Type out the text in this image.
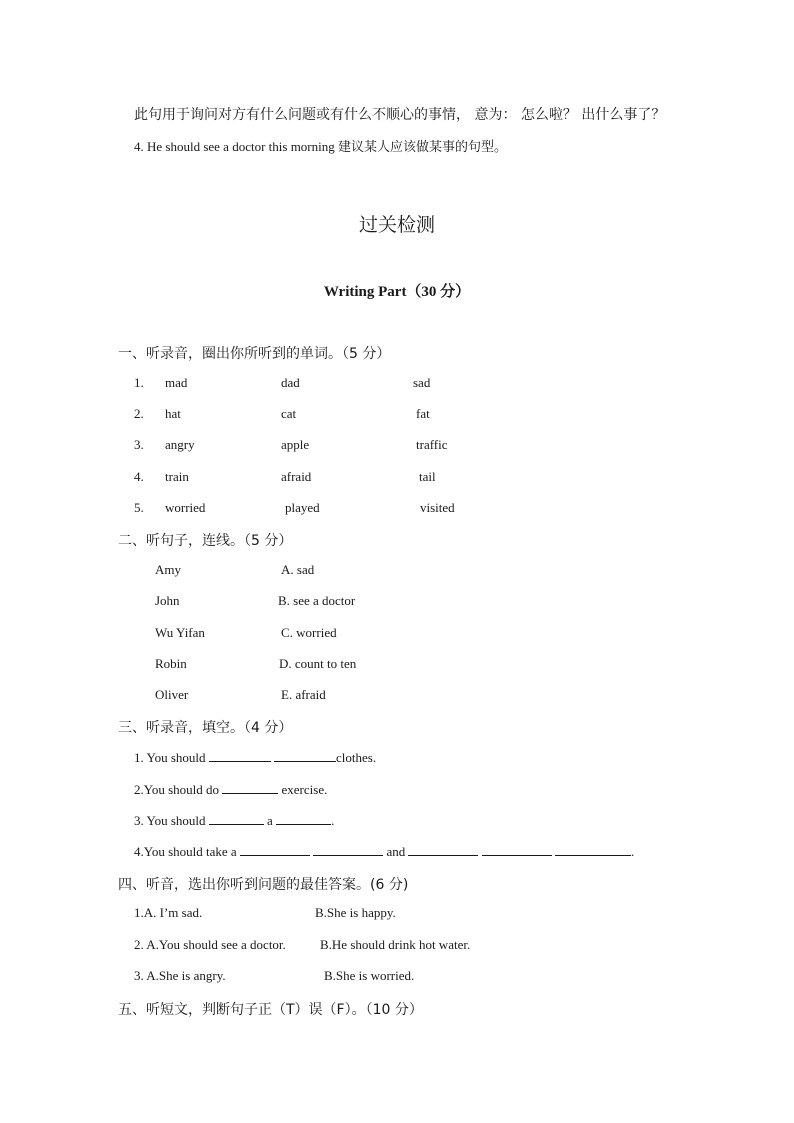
此句用于询问对方有什么问题或有什么不顺心的事情， 意为： 怎么啦？ 出什么事了？
4. He should see a doctor this morning 建议某人应该做某事的句型。
过关检测
Writing Part（30 分）
一、听录音，圈出你所听到的单词。（5 分）
1. mad	dad	sad
2. hat	cat	fat
3. angry	apple	traffic
4. train	afraid	tail
5. worried	played	visited
二、听句子，连线。（5 分）
Amy	A. sad
John	B. see a doctor
Wu Yifan	C. worried
Robin	D. count to ten
Oliver	E. afraid
三、听录音，填空。（4 分）
1. You should	clothes.
2.You should do	exercise.
3. You should	a	.
4.You should take a	and	.
四、听音，选出你听到问题的最佳答案。(6 分)
1.A. I’m sad.	B.She is happy.
2. A.You should see a doctor.	B.He should drink hot water.
3. A.She is angry.	B.She is worried.
五、听短文，判断句子正（T）误（F）。（10 分）
